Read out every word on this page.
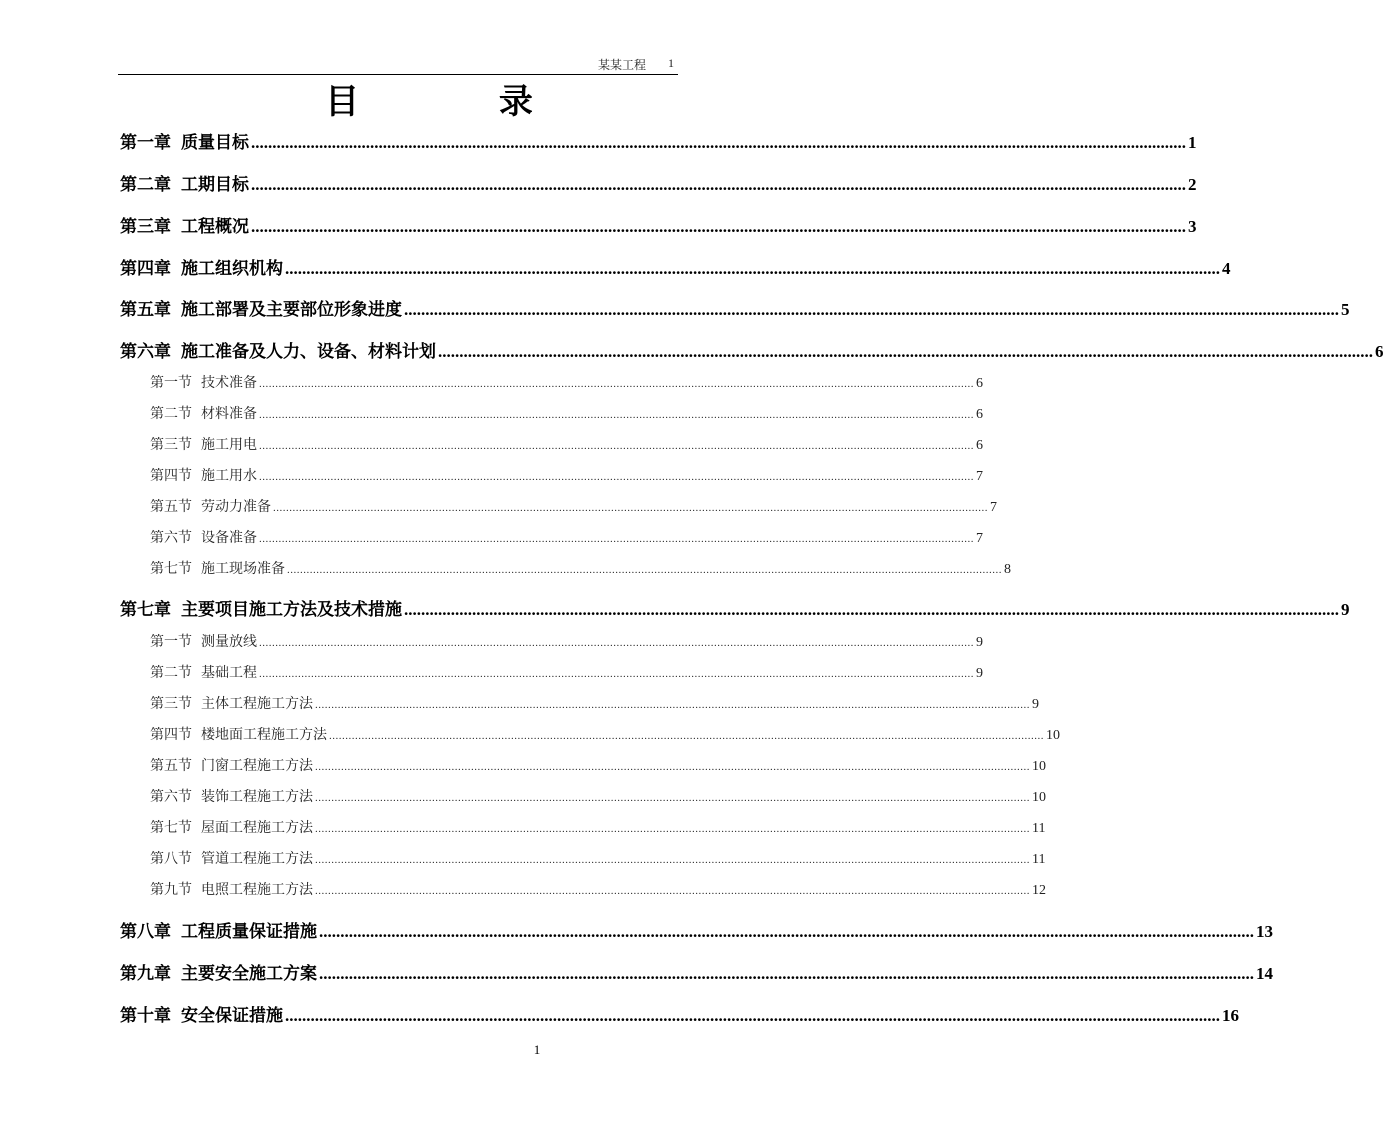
某某工程 1
目 录
第一章 质量目标 ............................................................................................................................................................................................................................ 1
第二章 工期目标 ............................................................................................................................................................................................................................ 2
第三章 工程概况 ............................................................................................................................................................................................................................ 3
第四章 施工组织机构 ............................................................................................................................................................................................................................ 4
第五章 施工部署及主要部位形象进度 ............................................................................................................................................................................................................................ 5
第六章 施工准备及人力、设备、材料计划 ............................................................................................................................................................................................................................ 6
第一节 技术准备 ............................................................................................................................................................................................................................ 6
第二节 材料准备 ............................................................................................................................................................................................................................ 6
第三节 施工用电 ............................................................................................................................................................................................................................ 6
第四节 施工用水 ............................................................................................................................................................................................................................ 7
第五节 劳动力准备 ............................................................................................................................................................................................................................ 7
第六节 设备准备 ............................................................................................................................................................................................................................ 7
第七节 施工现场准备 ............................................................................................................................................................................................................................ 8
第七章 主要项目施工方法及技术措施 ............................................................................................................................................................................................................................ 9
第一节 测量放线 ............................................................................................................................................................................................................................ 9
第二节 基础工程 ............................................................................................................................................................................................................................ 9
第三节 主体工程施工方法 ............................................................................................................................................................................................................................ 9
第四节 楼地面工程施工方法 ............................................................................................................................................................................................................................ 10
第五节 门窗工程施工方法 ............................................................................................................................................................................................................................ 10
第六节 装饰工程施工方法 ............................................................................................................................................................................................................................ 10
第七节 屋面工程施工方法 ............................................................................................................................................................................................................................ 11
第八节 管道工程施工方法 ............................................................................................................................................................................................................................ 11
第九节 电照工程施工方法 ............................................................................................................................................................................................................................ 12
第八章 工程质量保证措施 ............................................................................................................................................................................................................................ 13
第九章 主要安全施工方案 ............................................................................................................................................................................................................................ 14
第十章 安全保证措施 ............................................................................................................................................................................................................................ 16
1
